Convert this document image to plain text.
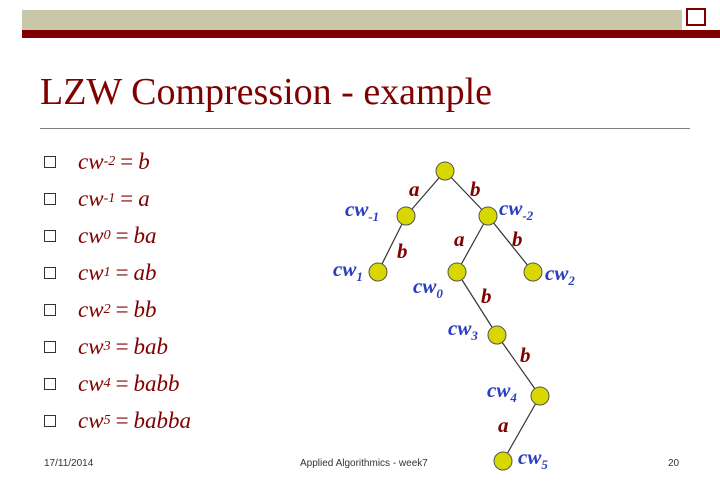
LZW Compression - example
cw -2 = b
cw -1 = a
cw 0 = ba
cw 1 = ab
cw 2 = bb
cw 3 = bab
cw 4 = babb
cw 5 = babba
a b
b a b
b
b
a
$cw_{-1}$	$cw_{-2}$
$cw_1$ $cw_0$
$cw_2$
$cw_3$
$cw_4$
$cw_5$
17/11/2014	Applied Algorithmics - week7	20
